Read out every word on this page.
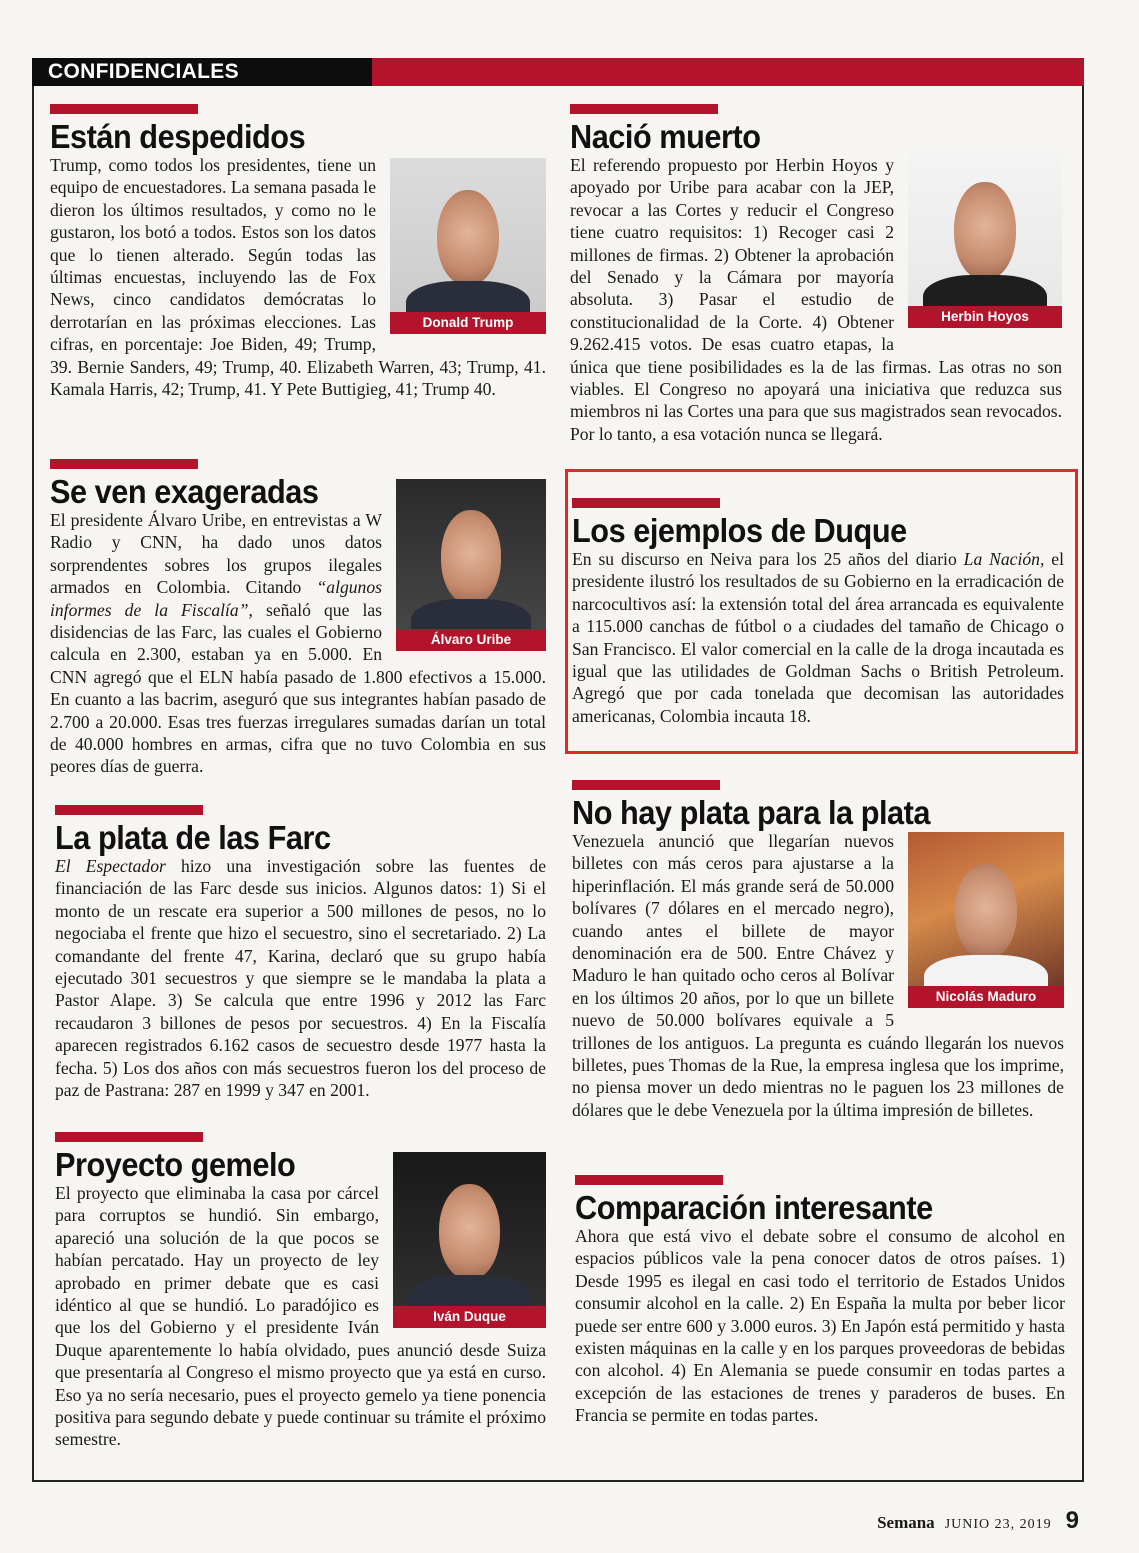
CONFIDENCIALES
Están despedidos
Donald Trump

Trump, como todos los presidentes, tiene un equipo de encuestadores. La semana pasada le dieron los últimos resultados, y como no le gustaron, los botó a todos. Estos son los datos que lo tienen alterado. Según todas las últimas encuestas, incluyendo las de Fox News, cinco candidatos demócratas lo derrotarían en las próximas elecciones. Las cifras, en porcentaje: Joe Biden, 49; Trump, 39. Bernie Sanders, 49; Trump, 40. Elizabeth Warren, 43; Trump, 41. Kamala Harris, 42; Trump, 41. Y Pete Buttigieg, 41; Trump 40.

Nació muerto
Herbin Hoyos

El referendo propuesto por Herbin Hoyos y apoyado por Uribe para acabar con la JEP, revocar a las Cortes y reducir el Congreso tiene cuatro requisitos: 1) Recoger casi 2 millones de firmas. 2) Obtener la aprobación del Senado y la Cámara por mayoría absoluta. 3) Pasar el estudio de constitucionalidad de la Corte. 4) Obtener 9.262.415 votos. De esas cuatro etapas, la única que tiene posibilidades es la de las firmas. Las otras no son viables. El Congreso no apoyará una iniciativa que reduzca sus miembros ni las Cortes una para que sus magistrados sean revocados. Por lo tanto, a esa votación nunca se llegará.

Se ven exageradas
Álvaro Uribe

El presidente Álvaro Uribe, en entrevistas a W Radio y CNN, ha dado unos datos sorprendentes sobres los grupos ilegales armados en Colombia. Citando “algunos informes de la Fiscalía”, señaló que las disidencias de las Farc, las cuales el Gobierno calcula en 2.300, estaban ya en 5.000. En CNN agregó que el ELN había pasado de 1.800 efectivos a 15.000. En cuanto a las bacrim, aseguró que sus integrantes habían pasado de 2.700 a 20.000. Esas tres fuerzas irregulares sumadas darían un total de 40.000 hombres en armas, cifra que no tuvo Colombia en sus peores días de guerra.

Los ejemplos de Duque

En su discurso en Neiva para los 25 años del diario La Nación, el presidente ilustró los resultados de su Gobierno en la erradicación de narcocultivos así: la extensión total del área arrancada es equivalente a 115.000 canchas de fútbol o a ciudades del tamaño de Chicago o San Francisco. El valor comercial en la calle de la droga incautada es igual que las utilidades de Goldman Sachs o British Petroleum. Agregó que por cada tonelada que decomisan las autoridades americanas, Colombia incauta 18.

La plata de las Farc

El Espectador hizo una investigación sobre las fuentes de financiación de las Farc desde sus inicios. Algunos datos: 1) Si el monto de un rescate era superior a 500 millones de pesos, no lo negociaba el frente que hizo el secuestro, sino el secretariado. 2) La comandante del frente 47, Karina, declaró que su grupo había ejecutado 301 secuestros y que siempre se le mandaba la plata a Pastor Alape. 3) Se calcula que entre 1996 y 2012 las Farc recaudaron 3 billones de pesos por secuestros. 4) En la Fiscalía aparecen registrados 6.162 casos de secuestro desde 1977 hasta la fecha. 5) Los dos años con más secuestros fueron los del proceso de paz de Pastrana: 287 en 1999 y 347 en 2001.

No hay plata para la plata
Nicolás Maduro

Venezuela anunció que llegarían nuevos billetes con más ceros para ajustarse a la hiperinflación. El más grande será de 50.000 bolívares (7 dólares en el mercado negro), cuando antes el billete de mayor denominación era de 500. Entre Chávez y Maduro le han quitado ocho ceros al Bolívar en los últimos 20 años, por lo que un billete nuevo de 50.000 bolívares equivale a 5 trillones de los antiguos. La pregunta es cuándo llegarán los nuevos billetes, pues Thomas de la Rue, la empresa inglesa que los imprime, no piensa mover un dedo mientras no le paguen los 23 millones de dólares que le debe Venezuela por la última impresión de billetes.

Proyecto gemelo
Iván Duque

El proyecto que eliminaba la casa por cárcel para corruptos se hundió. Sin embargo, apareció una solución de la que pocos se habían percatado. Hay un proyecto de ley aprobado en primer debate que es casi idéntico al que se hundió. Lo paradójico es que los del Gobierno y el presidente Iván Duque aparentemente lo había olvidado, pues anunció desde Suiza que presentaría al Congreso el mismo proyecto que ya está en curso. Eso ya no sería necesario, pues el proyecto gemelo ya tiene ponencia positiva para segundo debate y puede continuar su trámite el próximo semestre.

Comparación interesante

Ahora que está vivo el debate sobre el consumo de alcohol en espacios públicos vale la pena conocer datos de otros países. 1) Desde 1995 es ilegal en casi todo el territorio de Estados Unidos consumir alcohol en la calle. 2) En España la multa por beber licor puede ser entre 600 y 3.000 euros. 3) En Japón está permitido y hasta existen máquinas en la calle y en los parques proveedoras de bebidas con alcohol. 4) En Alemania se puede consumir en todas partes a excepción de las estaciones de trenes y paraderos de buses. En Francia se permite en todas partes.

Semana JUNIO 23, 2019 9
